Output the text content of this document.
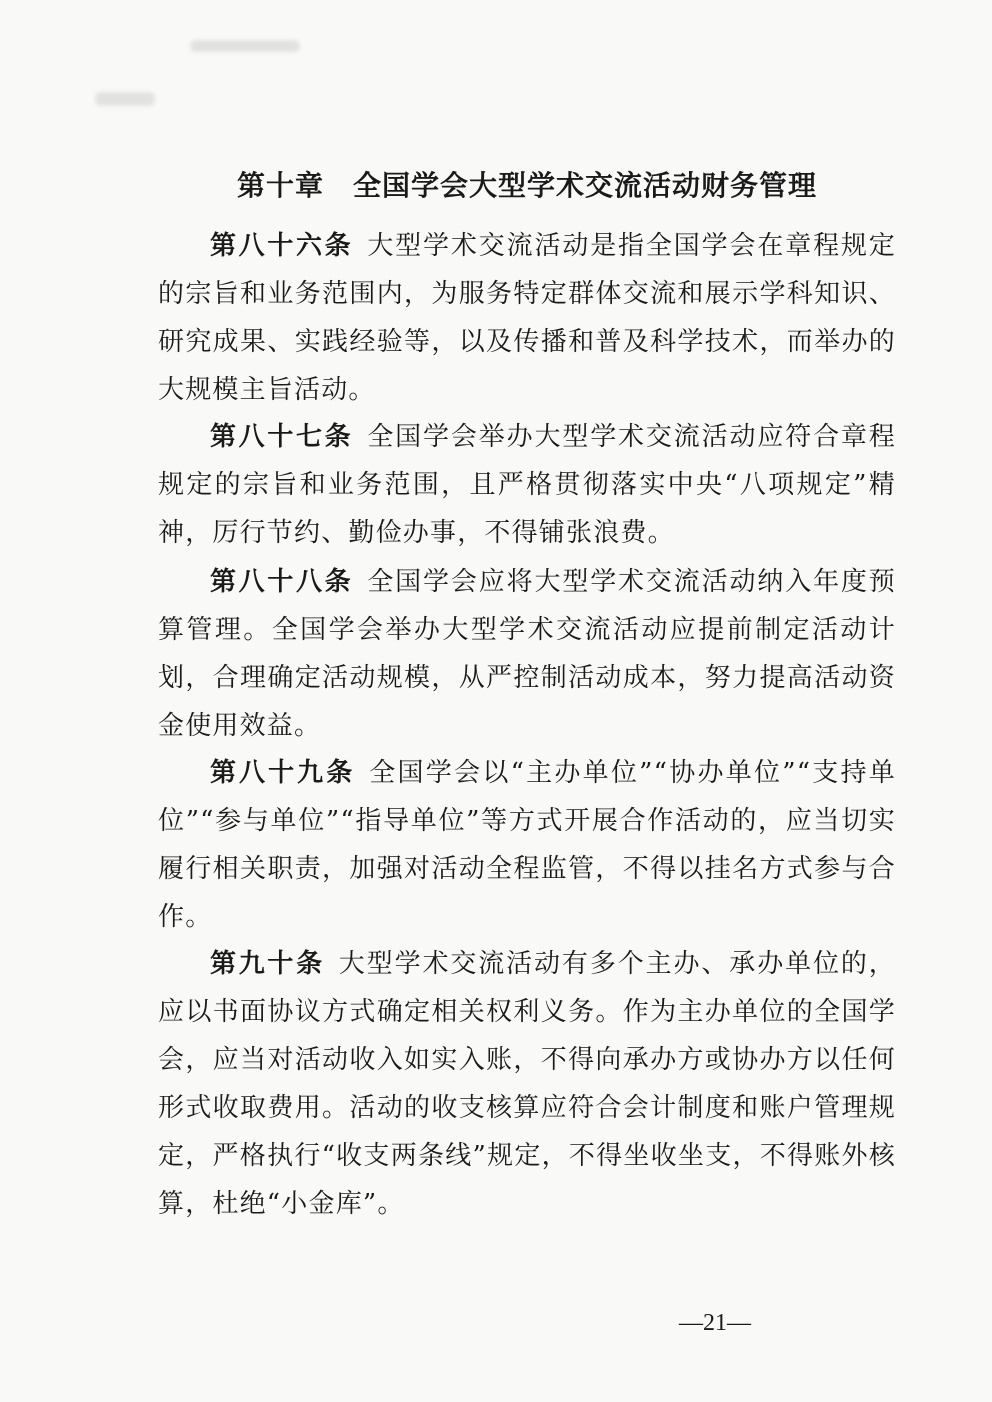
第十章　全国学会大型学术交流活动财务管理

第八十六条 大型学术交流活动是指全国学会在章程规定的宗旨和业务范围内，为服务特定群体交流和展示学科知识、研究成果、实践经验等，以及传播和普及科学技术，而举办的大规模主旨活动。

第八十七条 全国学会举办大型学术交流活动应符合章程规定的宗旨和业务范围，且严格贯彻落实中央“八项规定”精神，厉行节约、勤俭办事，不得铺张浪费。

第八十八条 全国学会应将大型学术交流活动纳入年度预算管理。全国学会举办大型学术交流活动应提前制定活动计划，合理确定活动规模，从严控制活动成本，努力提高活动资金使用效益。

第八十九条 全国学会以“主办单位”“协办单位”“支持单位”“参与单位”“指导单位”等方式开展合作活动的，应当切实履行相关职责，加强对活动全程监管，不得以挂名方式参与合作。

第九十条 大型学术交流活动有多个主办、承办单位的，应以书面协议方式确定相关权利义务。作为主办单位的全国学会，应当对活动收入如实入账，不得向承办方或协办方以任何形式收取费用。活动的收支核算应符合会计制度和账户管理规定，严格执行“收支两条线”规定，不得坐收坐支，不得账外核算，杜绝“小金库”。

—21—
